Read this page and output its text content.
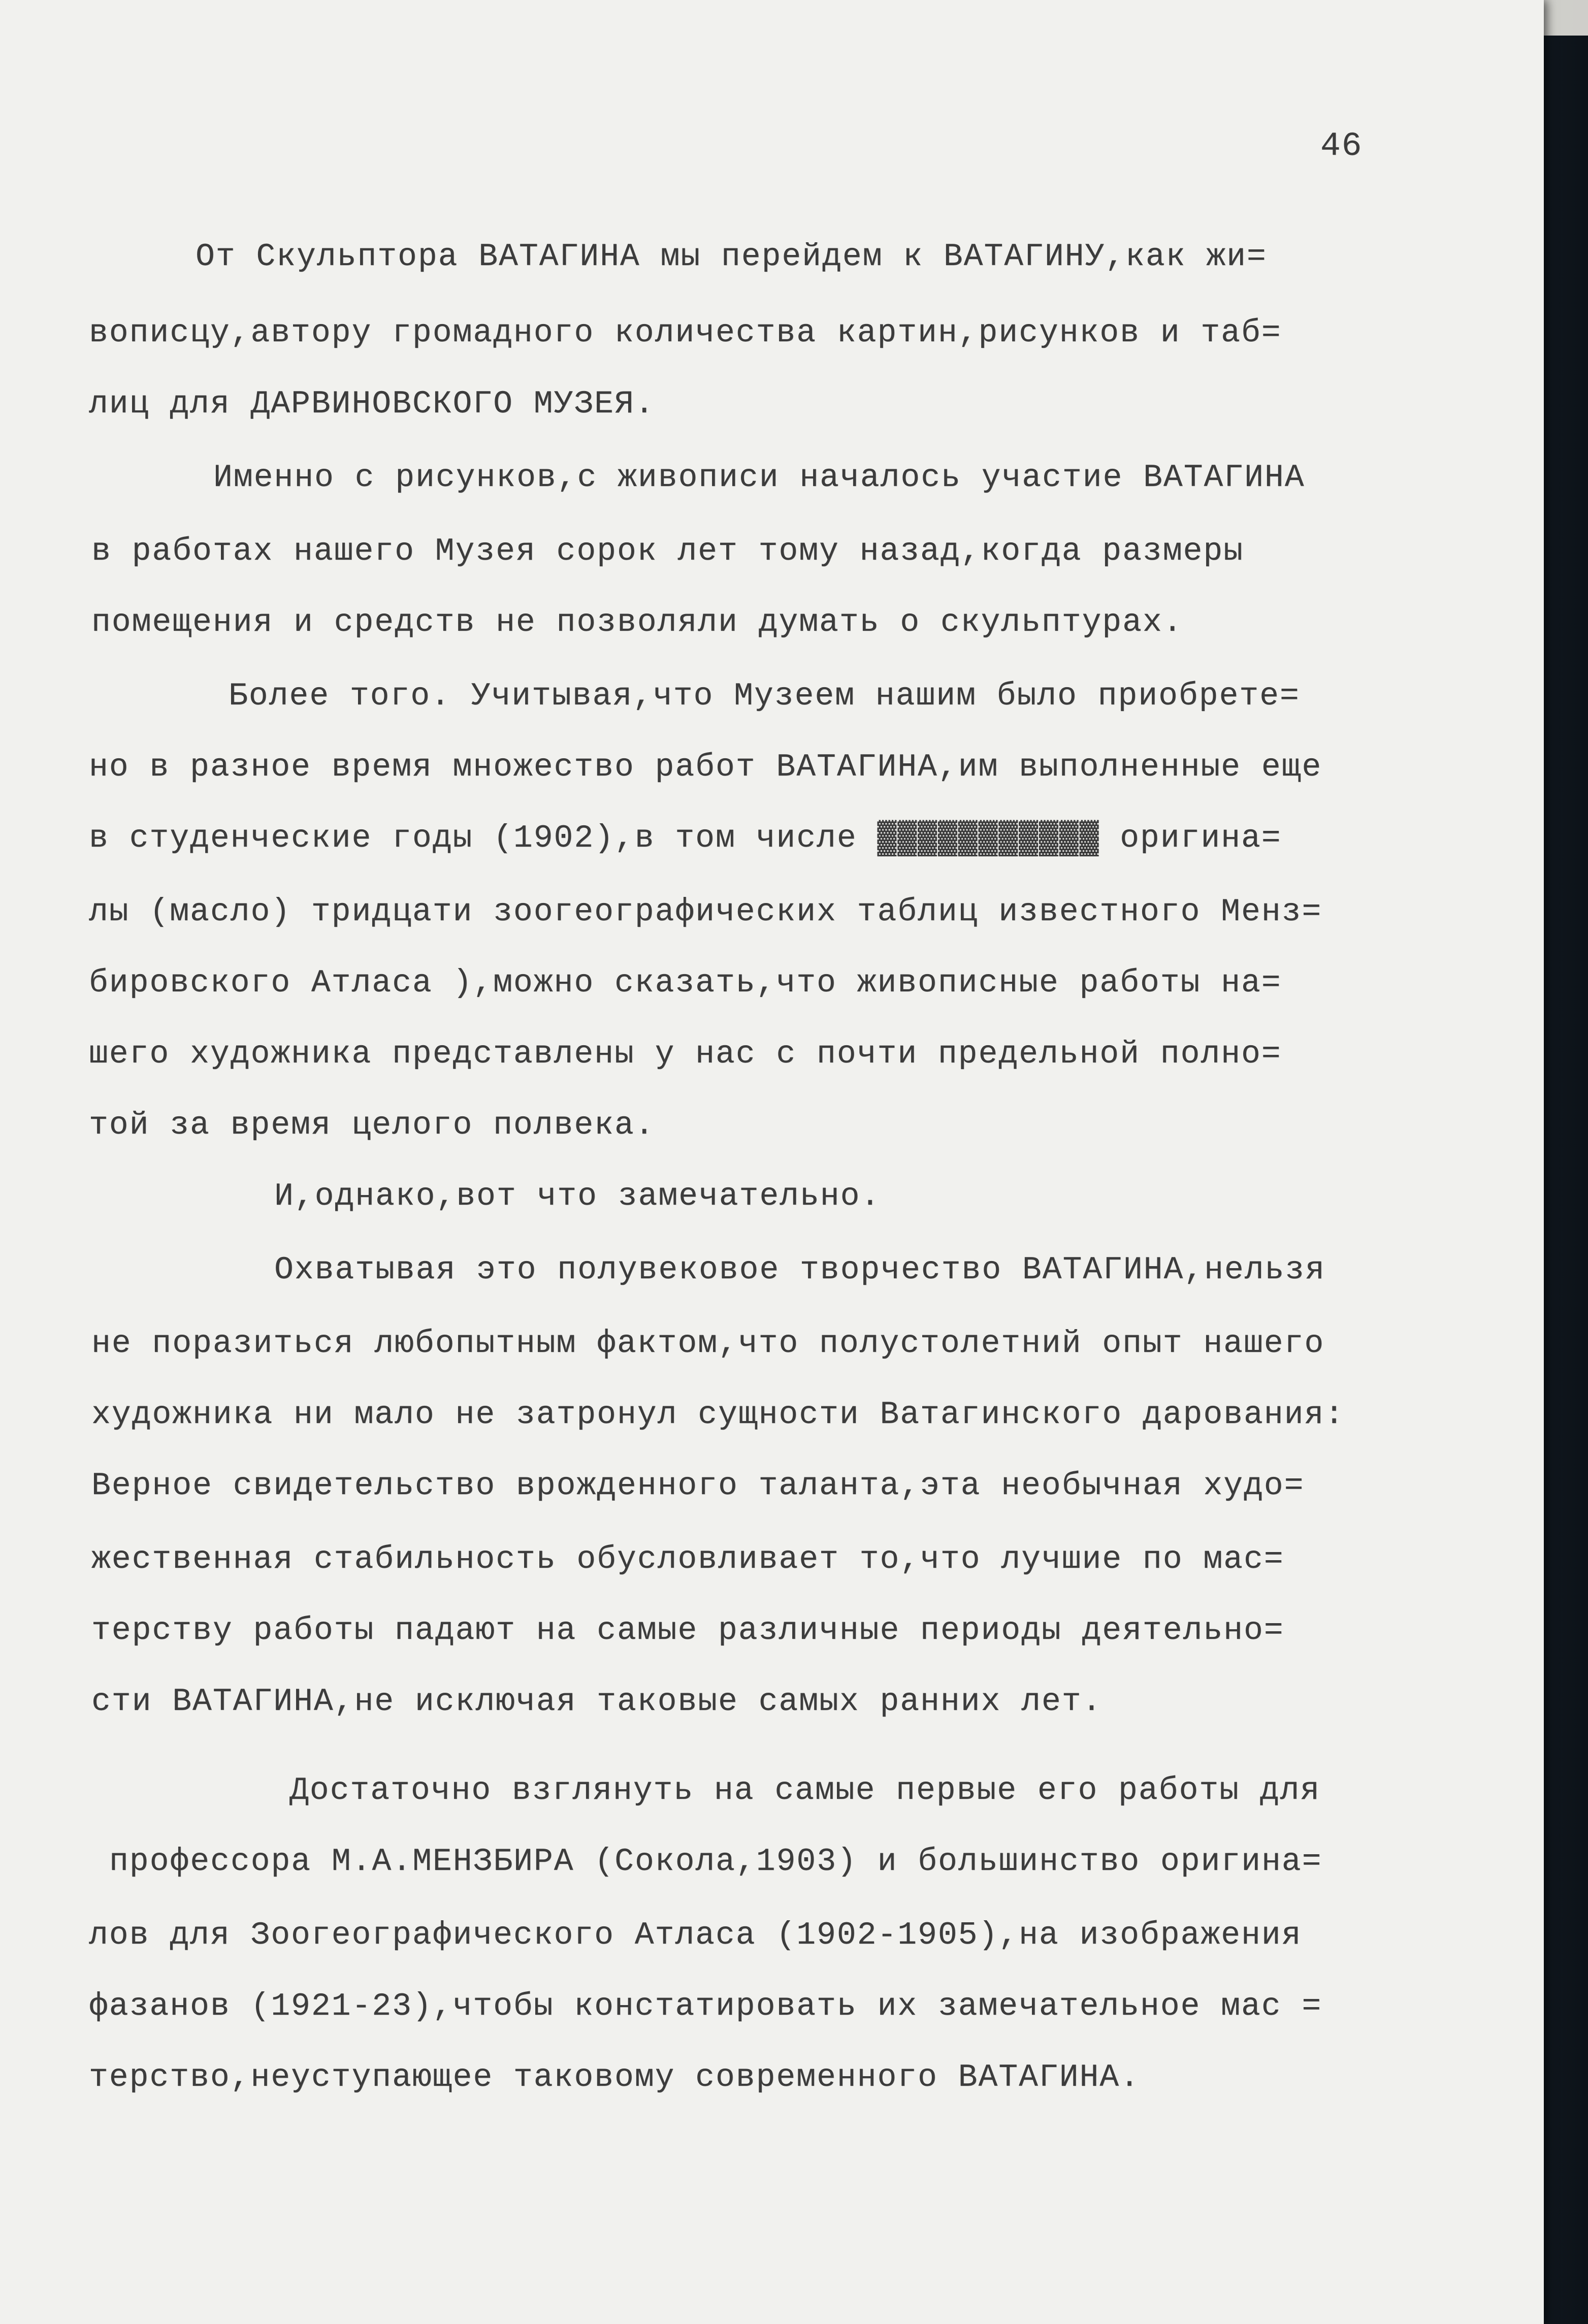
46
От Скульптора ВАТАГИНА мы перейдем к ВАТАГИНУ,как жи=
вописцу,автору громадного количества картин,рисунков и таб=
лиц для ДАРВИНОВСКОГО МУЗЕЯ.
Именно с рисунков,с живописи началось участие ВАТАГИНА
в работах нашего Музея сорок лет тому назад,когда размеры
помещения и средств не позволяли думать о скульптурах.
Более того. Учитывая,что Музеем нашим было приобрете=
но в разное время множество работ ВАТАГИНА,им выполненные еще
в студенческие годы (1902),в том числе ▓▓▓▓▓▓▓▓▓▓▓ оригина=
лы (масло) тридцати зоогеографических таблиц известного Менз=
бировского Атласа ),можно сказать,что живописные работы на=
шего художника представлены у нас с почти предельной полно=
той за время целого полвека.
И,однако,вот что замечательно.
Охватывая это полувековое творчество ВАТАГИНА,нельзя
не поразиться любопытным фактом,что полустолетний опыт нашего
художника ни мало не затронул сущности Ватагинского дарования:
Верное свидетельство врожденного таланта,эта необычная худо=
жественная стабильность обусловливает то,что лучшие по мас=
терству работы падают на самые различные периоды деятельно=
сти ВАТАГИНА,не исключая таковые самых ранних лет.
Достаточно взглянуть на самые первые его работы для
профессора М.А.МЕНЗБИРА (Сокола,1903) и большинство оригина=
лов для Зоогеографического Атласа (1902-1905),на изображения
фазанов (1921-23),чтобы констатировать их замечательное мас =
терство,неуступающее таковому современного ВАТАГИНА.
